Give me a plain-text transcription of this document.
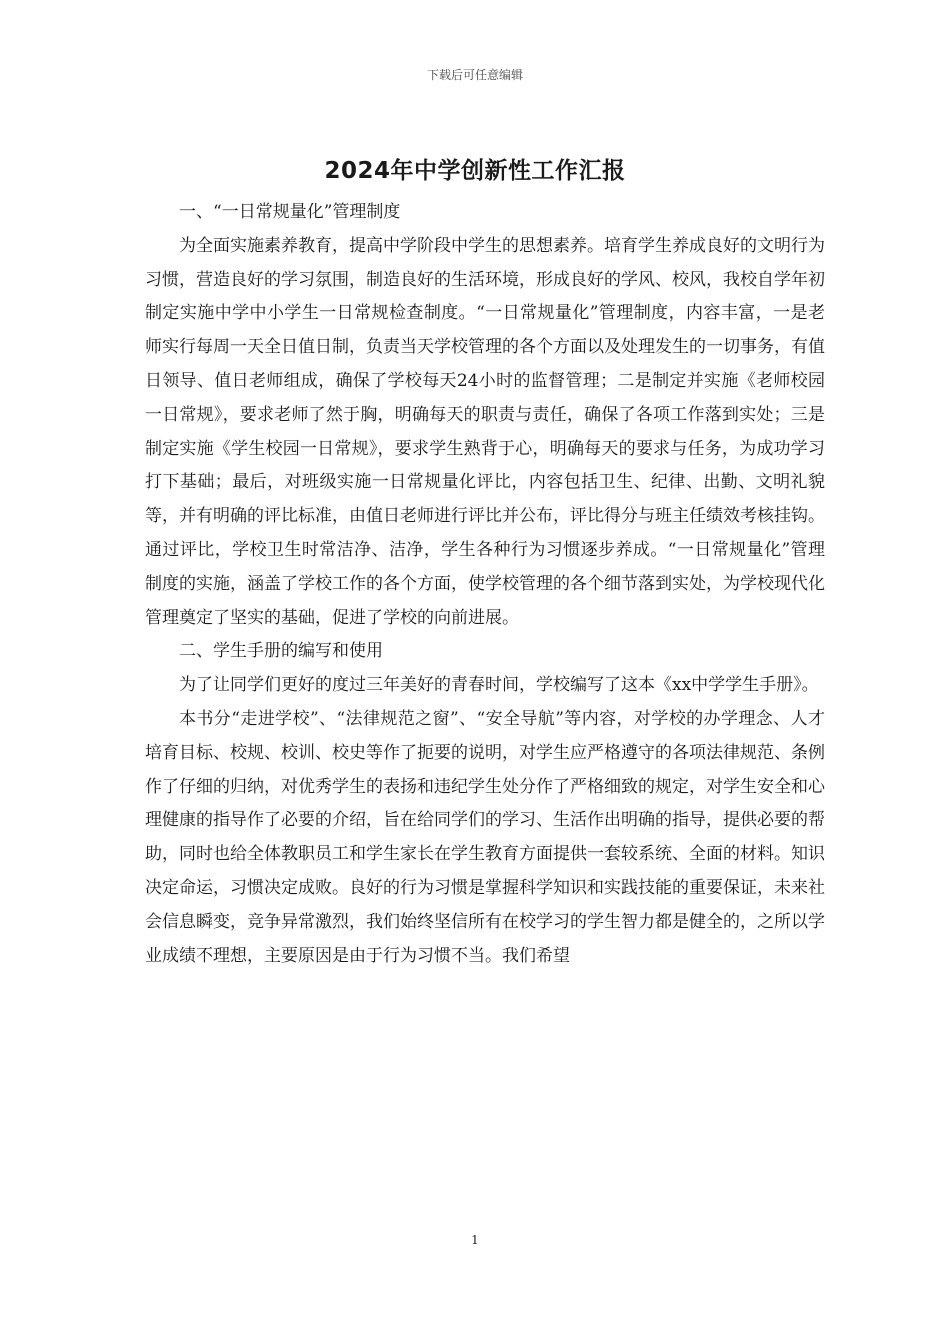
下载后可任意编辑
2024年中学创新性工作汇报

一、“一日常规量化”管理制度

为全面实施素养教育，提高中学阶段中学生的思想素养。培育学生养成良好的文明行为习惯，营造良好的学习氛围，制造良好的生活环境，形成良好的学风、校风，我校自学年初制定实施中学中小学生一日常规检查制度。“一日常规量化”管理制度，内容丰富，一是老师实行每周一天全日值日制，负责当天学校管理的各个方面以及处理发生的一切事务，有值日领导、值日老师组成，确保了学校每天24小时的监督管理；二是制定并实施《老师校园一日常规》，要求老师了然于胸，明确每天的职责与责任，确保了各项工作落到实处；三是制定实施《学生校园一日常规》，要求学生熟背于心，明确每天的要求与任务，为成功学习打下基础；最后，对班级实施一日常规量化评比，内容包括卫生、纪律、出勤、文明礼貌等，并有明确的评比标准，由值日老师进行评比并公布，评比得分与班主任绩效考核挂钩。通过评比，学校卫生时常洁净、洁净，学生各种行为习惯逐步养成。“一日常规量化”管理制度的实施，涵盖了学校工作的各个方面，使学校管理的各个细节落到实处，为学校现代化管理奠定了坚实的基础，促进了学校的向前进展。

二、学生手册的编写和使用

为了让同学们更好的度过三年美好的青春时间，学校编写了这本《xx中学学生手册》。

本书分“走进学校”、“法律规范之窗”、“安全导航”等内容，对学校的办学理念、人才培育目标、校规、校训、校史等作了扼要的说明，对学生应严格遵守的各项法律规范、条例作了仔细的归纳，对优秀学生的表扬和违纪学生处分作了严格细致的规定，对学生安全和心理健康的指导作了必要的介绍，旨在给同学们的学习、生活作出明确的指导，提供必要的帮助，同时也给全体教职员工和学生家长在学生教育方面提供一套较系统、全面的材料。知识决定命运，习惯决定成败。良好的行为习惯是掌握科学知识和实践技能的重要保证，未来社会信息瞬变，竞争异常激烈，我们始终坚信所有在校学习的学生智力都是健全的，之所以学业成绩不理想，主要原因是由于行为习惯不当。我们希望

1
